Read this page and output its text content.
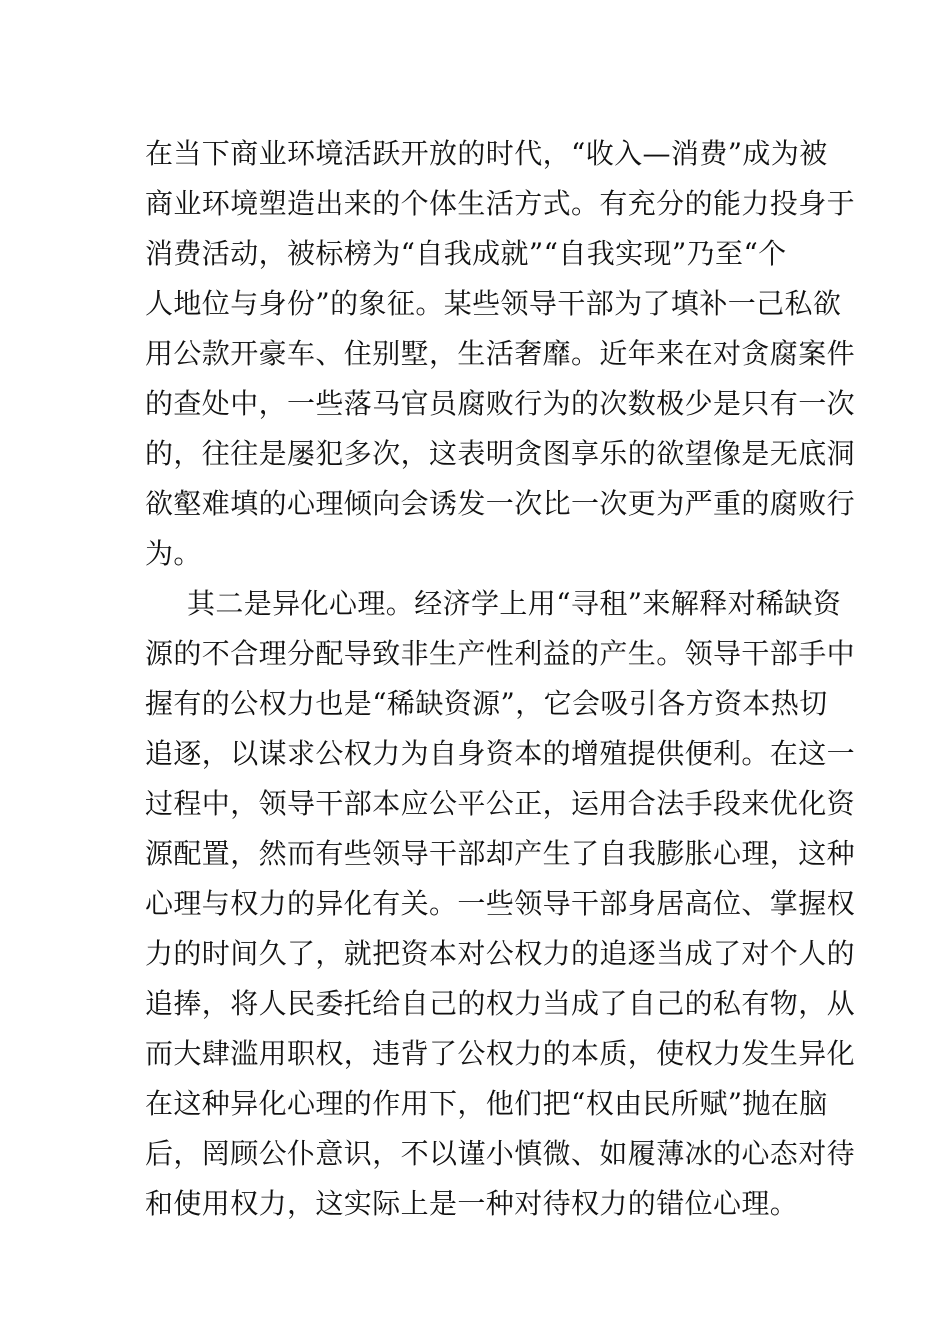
在当下商业环境活跃开放的时代，“收入—消费”成为被
商业环境塑造出来的个体生活方式。有充分的能力投身于
消费活动，被标榜为“自我成就”“自我实现”乃至“个
人地位与身份”的象征。某些领导干部为了填补一己私欲
用公款开豪车、住别墅，生活奢靡。近年来在对贪腐案件
的查处中，一些落马官员腐败行为的次数极少是只有一次
的，往往是屡犯多次，这表明贪图享乐的欲望像是无底洞
欲壑难填的心理倾向会诱发一次比一次更为严重的腐败行
为。
其二是异化心理。经济学上用“寻租”来解释对稀缺资
源的不合理分配导致非生产性利益的产生。领导干部手中
握有的公权力也是“稀缺资源”，它会吸引各方资本热切
追逐，以谋求公权力为自身资本的增殖提供便利。在这一
过程中，领导干部本应公平公正，运用合法手段来优化资
源配置，然而有些领导干部却产生了自我膨胀心理，这种
心理与权力的异化有关。一些领导干部身居高位、掌握权
力的时间久了，就把资本对公权力的追逐当成了对个人的
追捧，将人民委托给自己的权力当成了自己的私有物，从
而大肆滥用职权，违背了公权力的本质，使权力发生异化
在这种异化心理的作用下，他们把“权由民所赋”抛在脑
后，罔顾公仆意识，不以谨小慎微、如履薄冰的心态对待
和使用权力，这实际上是一种对待权力的错位心理。
